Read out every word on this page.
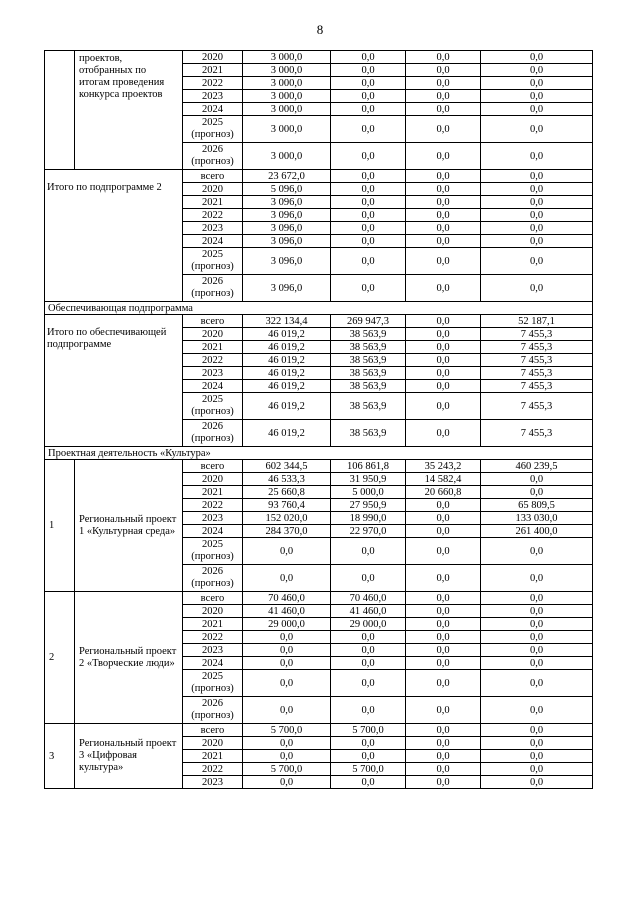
8
	проектов, отобранных по итогам проведения конкурса проектов	2020	3 000,0	0,0	0,0	0,0	
		2021	3 000,0	0,0	0,0	0,0	
		2022	3 000,0	0,0	0,0	0,0	
		2023	3 000,0	0,0	0,0	0,0	
		2024	3 000,0	0,0	0,0	0,0	
		2025 (прогноз)	3 000,0	0,0	0,0	0,0	
		2026 (прогноз)	3 000,0	0,0	0,0	0,0	

Итого по подпрограмме 2		всего	23 672,0	0,0	0,0	0,0	
		2020	5 096,0	0,0	0,0	0,0	
		2021	3 096,0	0,0	0,0	0,0	
		2022	3 096,0	0,0	0,0	0,0	
		2023	3 096,0	0,0	0,0	0,0	
		2024	3 096,0	0,0	0,0	0,0	
		2025 (прогноз)	3 096,0	0,0	0,0	0,0	
		2026 (прогноз)	3 096,0	0,0	0,0	0,0	
Обеспечивающая подпрограмма							

Итого по обеспечивающей подпрограмме		всего	322 134,4	269 947,3	0,0	52 187,1	
		2020	46 019,2	38 563,9	0,0	7 455,3	
		2021	46 019,2	38 563,9	0,0	7 455,3	
		2022	46 019,2	38 563,9	0,0	7 455,3	
		2023	46 019,2	38 563,9	0,0	7 455,3	
		2024	46 019,2	38 563,9	0,0	7 455,3	
		2025 (прогноз)	46 019,2	38 563,9	0,0	7 455,3	
		2026 (прогноз)	46 019,2	38 563,9	0,0	7 455,3	
Проектная деятельность «Культура»							
1	Региональный проект 1 «Культурная среда»	всего	602 344,5	106 861,8	35 243,2	460 239,5	
		2020	46 533,3	31 950,9	14 582,4	0,0	
		2021	25 660,8	5 000,0	20 660,8	0,0	
		2022	93 760,4	27 950,9	0,0	65 809,5	
		2023	152 020,0	18 990,0	0,0	133 030,0	
		2024	284 370,0	22 970,0	0,0	261 400,0	
		2025 (прогноз)	0,0	0,0	0,0	0,0	
		2026 (прогноз)	0,0	0,0	0,0	0,0	
2	Региональный проект 2 «Творческие люди»	всего	70 460,0	70 460,0	0,0	0,0	
		2020	41 460,0	41 460,0	0,0	0,0	
		2021	29 000,0	29 000,0	0,0	0,0	
		2022	0,0	0,0	0,0	0,0	
		2023	0,0	0,0	0,0	0,0	
		2024	0,0	0,0	0,0	0,0	
		2025 (прогноз)	0,0	0,0	0,0	0,0	
		2026 (прогноз)	0,0	0,0	0,0	0,0	
3	Региональный проект 3 «Цифровая культура»	всего	5 700,0	5 700,0	0,0	0,0	
		2020	0,0	0,0	0,0	0,0	
		2021	0,0	0,0	0,0	0,0	
		2022	5 700,0	5 700,0	0,0	0,0	
		2023	0,0	0,0	0,0	0,0	
